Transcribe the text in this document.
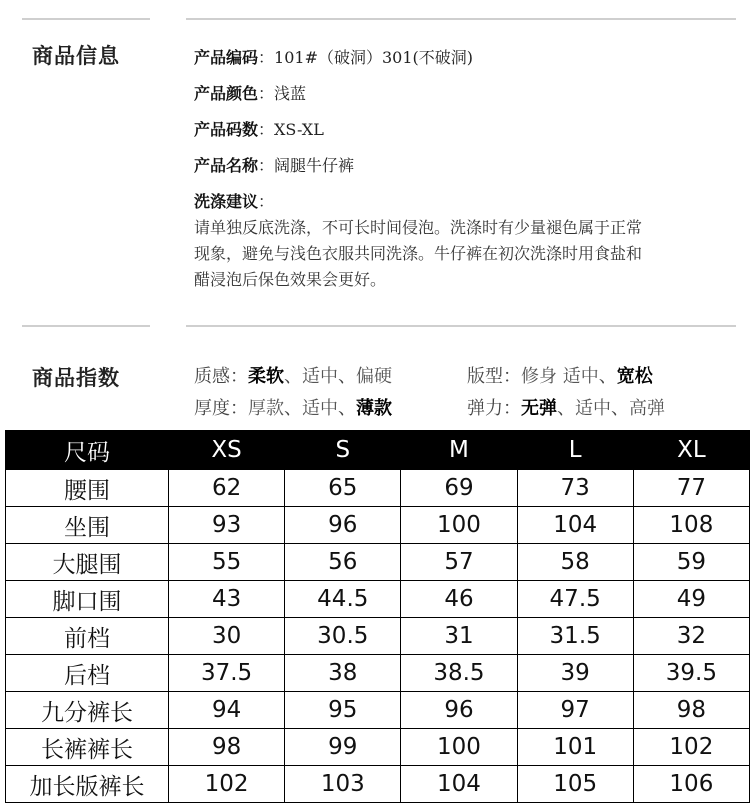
商品信息	产品编码：101#（破洞）301(不破洞)
产品颜色：浅蓝
产品码数：XS-XL
产品名称：阔腿牛仔裤
洗涤建议：
请单独反底洗涤，不可长时间侵泡。洗涤时有少量褪色属于正常
现象，避免与浅色衣服共同洗涤。牛仔裤在初次洗涤时用食盐和
醋浸泡后保色效果会更好。
商品指数	质感：柔软、适中、偏硬	版型：修身 适中、宽松
厚度：厚款、适中、薄款	弹力：无弹、适中、高弹
尺码	XS	S	M	L	XL
腰围	62	65	69	73	77
坐围	93	96	100	104	108
大腿围	55	56	57	58	59
脚口围	43	44.5	46	47.5	49
前档	30	30.5	31	31.5	32
后档	37.5	38	38.5	39	39.5
九分裤长	94	95	96	97	98
长裤裤长	98	99	100	101	102
加长版裤长	102	103	104	105	106
